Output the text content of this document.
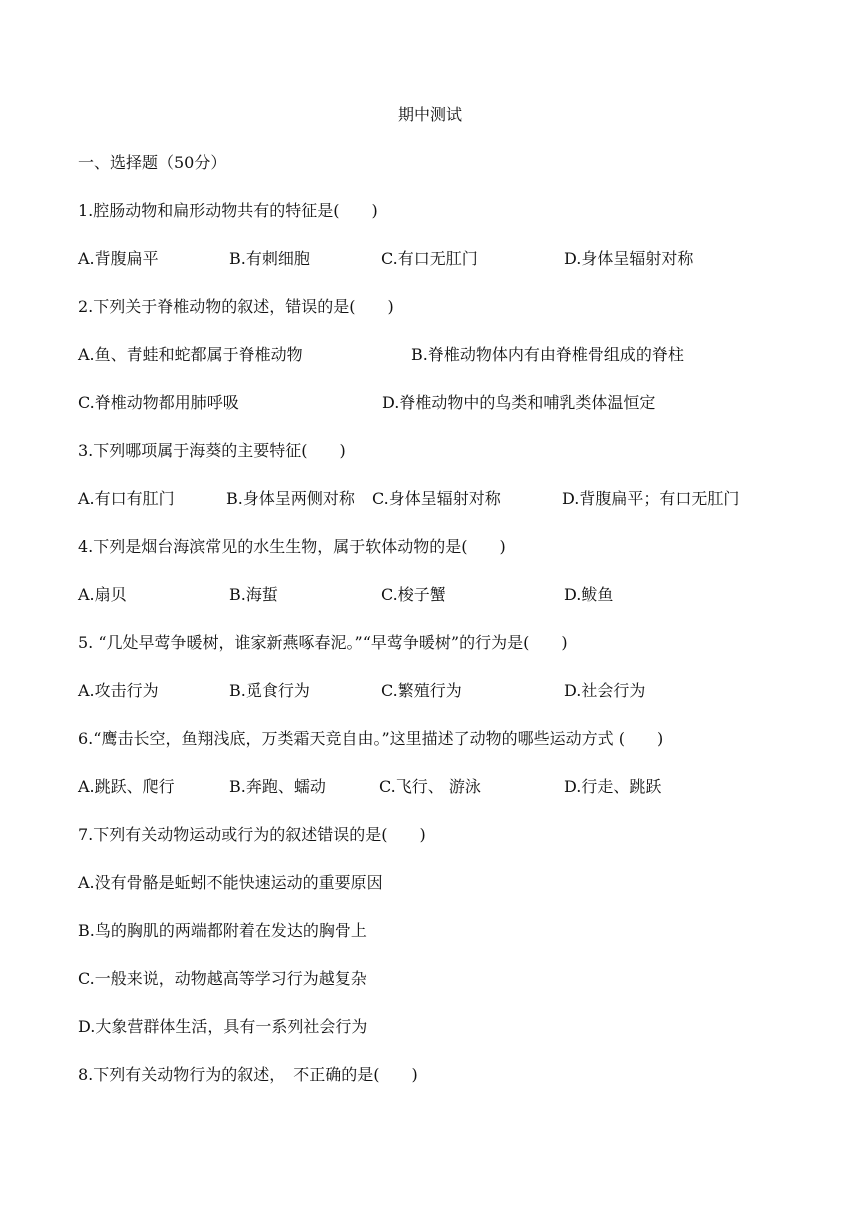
期中测试
一、选择题（50分）
1.腔肠动物和扁形动物共有的特征是(　　)
A.背腹扁平	B.有刺细胞	C.有口无肛门	D.身体呈辐射对称
2.下列关于脊椎动物的叙述，错误的是(　　)
A.鱼、青蛙和蛇都属于脊椎动物	B.脊椎动物体内有由脊椎骨组成的脊柱
C.脊椎动物都用肺呼吸	D.脊椎动物中的鸟类和哺乳类体温恒定
3.下列哪项属于海葵的主要特征(　　)
A.有口有肛门	B.身体呈两侧对称 C.身体呈辐射对称	D.背腹扁平；有口无肛门
4.下列是烟台海滨常见的水生生物，属于软体动物的是(　　)
A.扇贝	B.海蜇	C.梭子蟹	D.鲅鱼
5. “几处早莺争暖树，谁家新燕啄春泥。”“早莺争暖树”的行为是(　　)
A.攻击行为	B.觅食行为	C.繁殖行为	D.社会行为
6.“鹰击长空，鱼翔浅底，万类霜天竞自由。”这里描述了动物的哪些运动方式 (　　)
A.跳跃、爬行	B.奔跑、蠕动	C.飞行、 游泳	D.行走、跳跃
7.下列有关动物运动或行为的叙述错误的是(　　)
A.没有骨骼是蚯蚓不能快速运动的重要原因
B.鸟的胸肌的两端都附着在发达的胸骨上
C.一般来说，动物越高等学习行为越复杂
D.大象营群体生活，具有一系列社会行为
8.下列有关动物行为的叙述，　不正确的是(　　)
